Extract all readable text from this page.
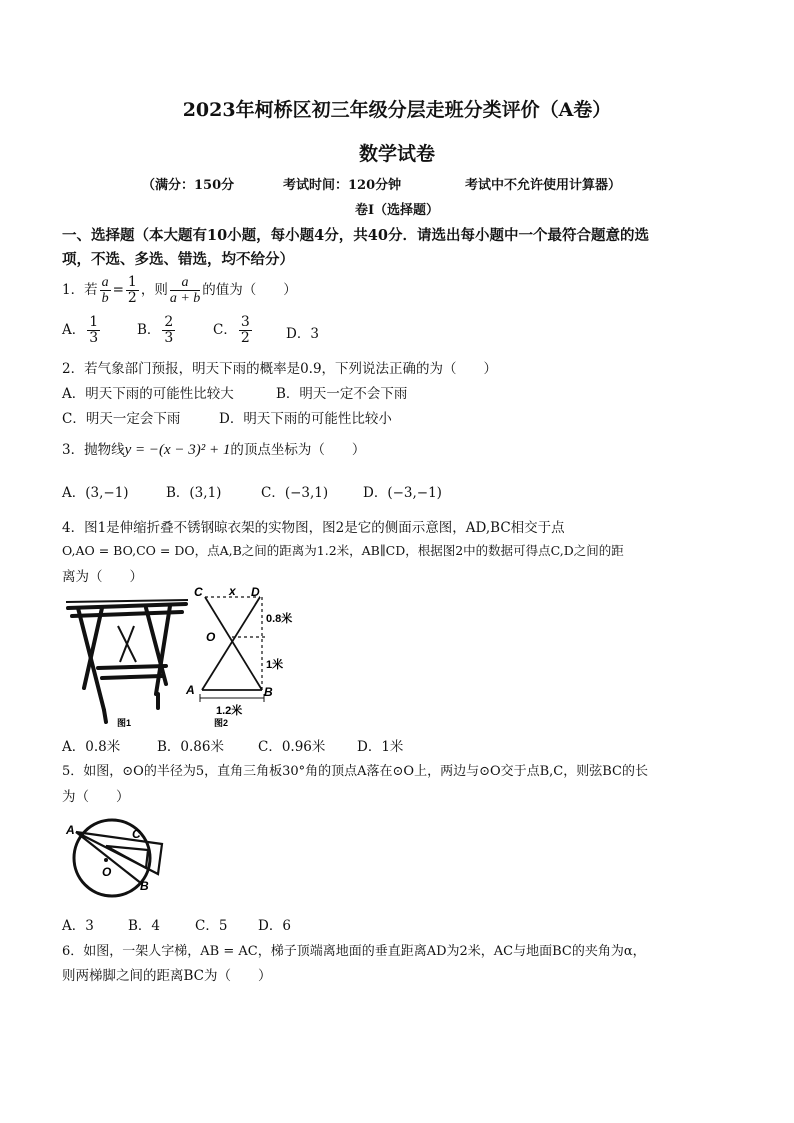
2023年柯桥区初三年级分层走班分类评价（A卷）
数学试卷
（满分：150分	考试时间：120分钟	考试中不允许使用计算器）
卷Ⅰ（选择题）
一、选择题（本大题有10小题，每小题4分，共40分．请选出每小题中一个最符合题意的选
项，不选、多选、错选，均不给分）
1．若 $\frac{a}{b} = \frac{1}{2}$ ，则 $\frac{a}{a + b}$ 的值为（　　）
A． $\frac{1}{3}$	B． $\frac{2}{3}$	C． $\frac{3}{2}$	D．3
2．若气象部门预报，明天下雨的概率是0.9，下列说法正确的为（　　）
A．明天下雨的可能性比较大	B．明天一定不会下雨
C．明天一定会下雨	D．明天下雨的可能性比较小
3．抛物线y = −(x − 3)² + 1的顶点坐标为（　　）
A．(3,−1)	B．(3,1)	C．(−3,1)	D．(−3,−1)
4．图1是伸缩折叠不锈钢晾衣架的实物图，图2是它的侧面示意图，AD,BC相交于点
O,AO = BO,CO = DO，点A,B之间的距离为1.2米，AB∥CD，根据图2中的数据可得点C,D之间的距
离为（　　）
图1
C x D
O
A	B
0.8米
1米
1.2米
图2
A．0.8米	B．0.86米	C．0.96米 D．1米
5．如图，⊙O的半径为5，直角三角板30°角的顶点A落在⊙O上，两边与⊙O交于点B,C，则弦BC的长
为（　　）
A	C
O
B
A．3	B．4	C．5 D．6
6．如图，一架人字梯，AB = AC，梯子顶端离地面的垂直距离AD为2米，AC与地面BC的夹角为α，
则两梯脚之间的距离BC为（　　）
